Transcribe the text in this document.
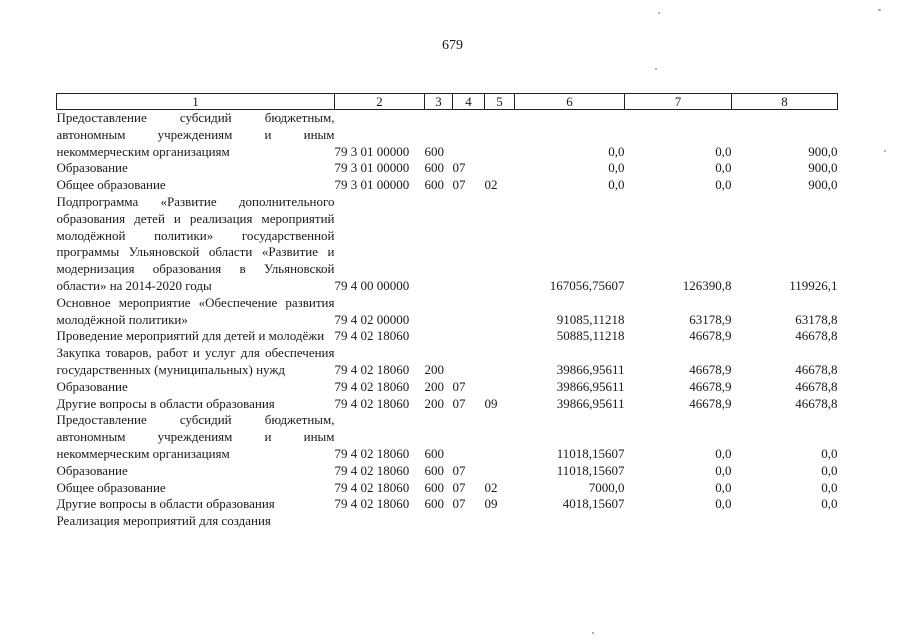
679
1	2	3	4	5	6	7	8
Предоставление субсидий бюджетным, автономным учреждениям и иным некоммерческим организациям	79 3 01 00000	600			0,0	0,0	900,0
Образование	79 3 01 00000	600	07		0,0	0,0	900,0
Общее образование	79 3 01 00000	600	07	02	0,0	0,0	900,0
Подпрограмма «Развитие дополнительного образования детей и реализация мероприятий молодёжной политики» государственной программы Ульяновской области «Развитие и модернизация образования в Ульяновской области» на 2014-2020 годы	79 4 00 00000				167056,75607	126390,8	119926,1
Основное мероприятие «Обеспечение развития молодёжной политики»	79 4 02 00000				91085,11218	63178,9	63178,8
Проведение мероприятий для детей и молодёжи	79 4 02 18060				50885,11218	46678,9	46678,8
Закупка товаров, работ и услуг для обеспечения государственных (муниципальных) нужд	79 4 02 18060	200			39866,95611	46678,9	46678,8
Образование	79 4 02 18060	200	07		39866,95611	46678,9	46678,8
Другие вопросы в области образования	79 4 02 18060	200	07	09	39866,95611	46678,9	46678,8
Предоставление субсидий бюджетным, автономным учреждениям и иным некоммерческим организациям	79 4 02 18060	600			11018,15607	0,0	0,0
Образование	79 4 02 18060	600	07		11018,15607	0,0	0,0
Общее образование	79 4 02 18060	600	07	02	7000,0	0,0	0,0
Другие вопросы в области образования	79 4 02 18060	600	07	09	4018,15607	0,0	0,0
Реализация мероприятий для создания							
